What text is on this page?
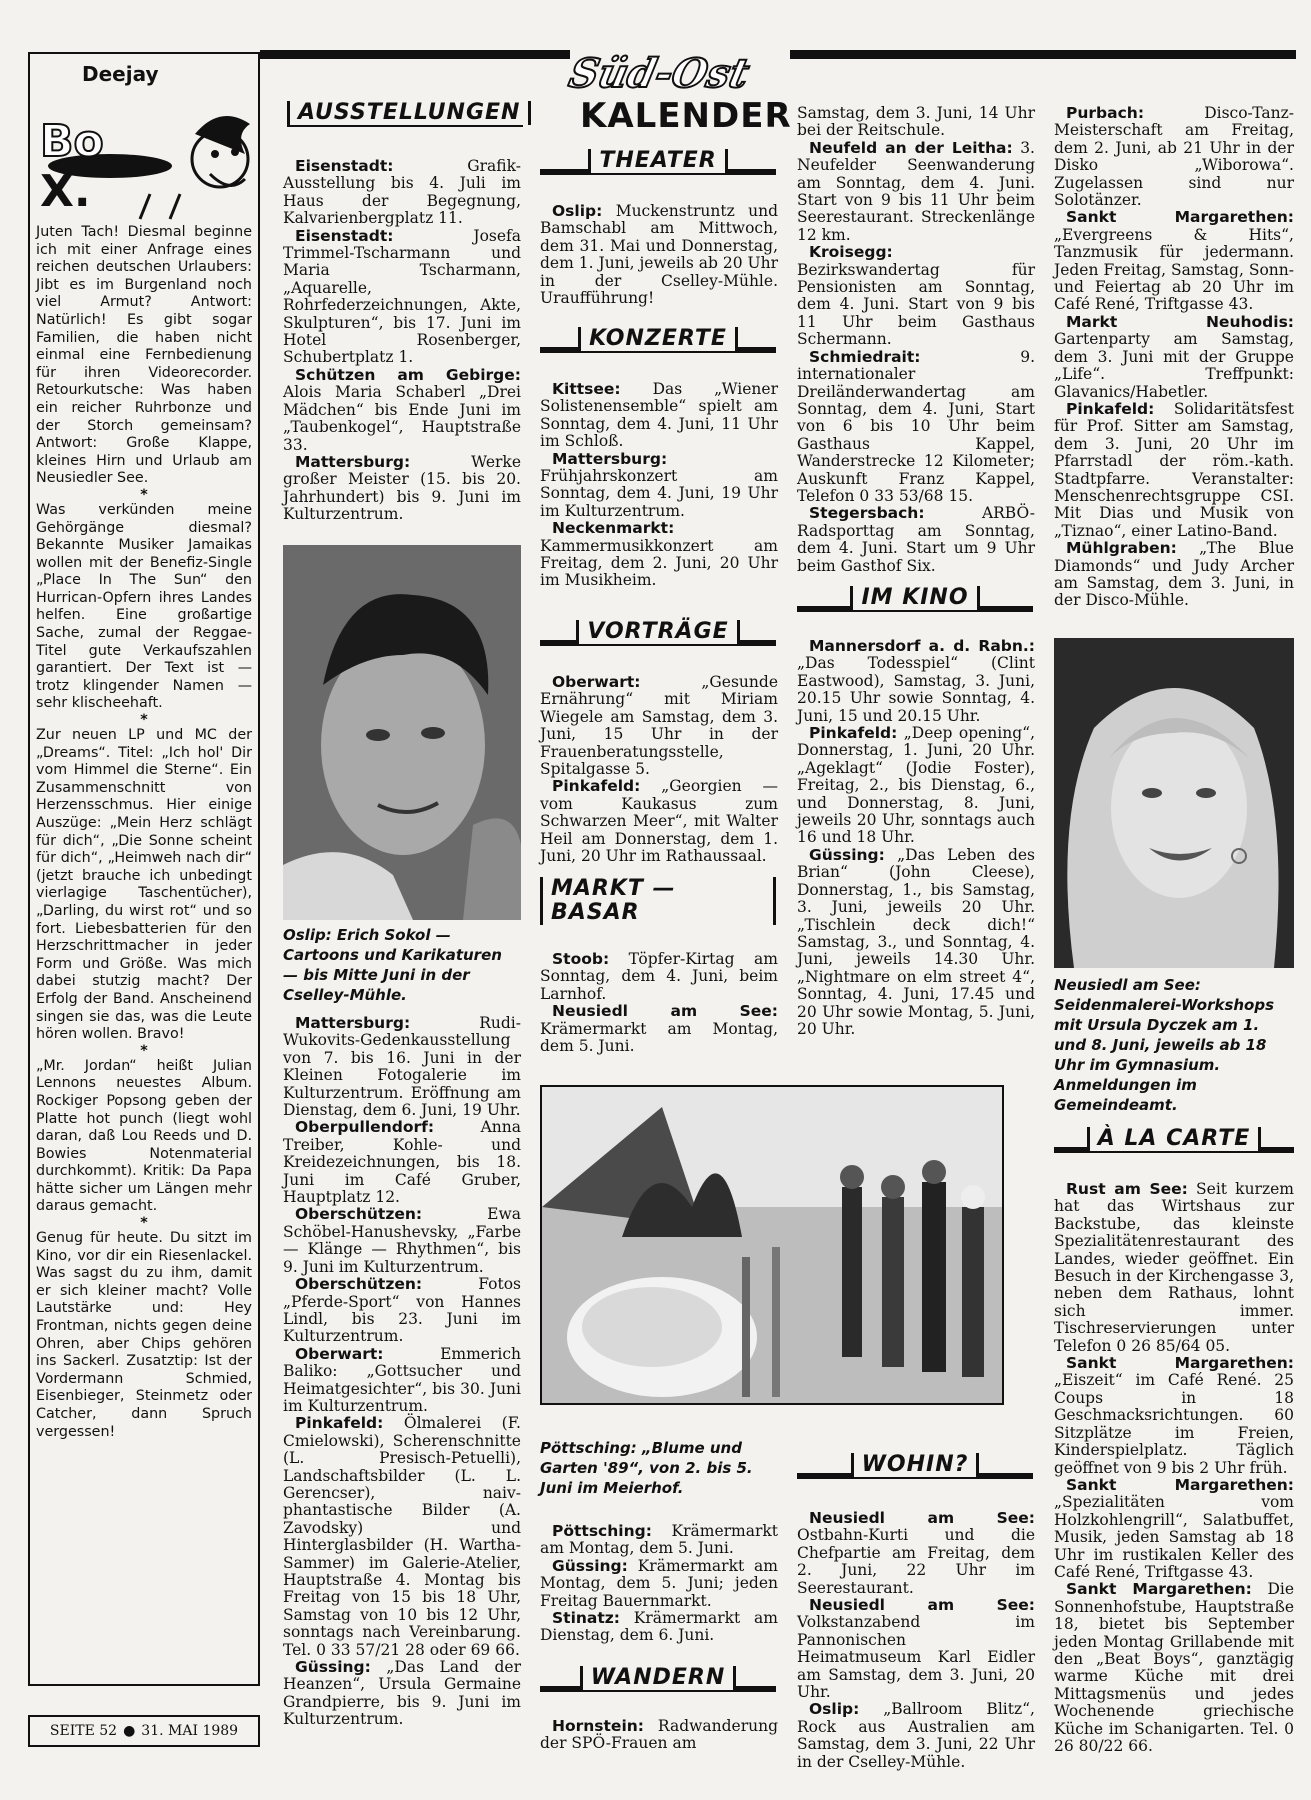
Süd-Ost
KALENDER
Deejay
Bo
X.

Juten Tach! Diesmal beginne ich mit einer Anfrage eines reichen deutschen Urlaubers: Jibt es im Burgenland noch viel Armut? Antwort: Natürlich! Es gibt sogar Familien, die haben nicht einmal eine Fernbedienung für ihren Videorecorder. Retourkutsche: Was haben ein reicher Ruhrbonze und der Storch gemeinsam? Antwort: Große Klappe, kleines Hirn und Urlaub am Neusiedler See.

*

Was verkünden meine Gehörgänge diesmal? Bekannte Musiker Jamaikas wollen mit der Benefiz-Single „Place In The Sun“ den Hurrican-Opfern ihres Landes helfen. Eine großartige Sache, zumal der Reggae-Titel gute Verkaufszahlen garantiert. Der Text ist — trotz klingender Namen — sehr klischeehaft.

*

Zur neuen LP und MC der „Dreams“. Titel: „Ich hol' Dir vom Himmel die Sterne“. Ein Zusammenschnitt von Herzensschmus. Hier einige Auszüge: „Mein Herz schlägt für dich“, „Die Sonne scheint für dich“, „Heimweh nach dir“ (jetzt brauche ich unbedingt vierlagige Taschentücher), „Darling, du wirst rot“ und so fort. Liebesbatterien für den Herzschrittmacher in jeder Form und Größe. Was mich dabei stutzig macht? Der Erfolg der Band. Anscheinend singen sie das, was die Leute hören wollen. Bravo!

*

„Mr. Jordan“ heißt Julian Lennons neuestes Album. Rockiger Popsong geben der Platte hot punch (liegt wohl daran, daß Lou Reeds und D. Bowies Notenmaterial durchkommt). Kritik: Da Papa hätte sicher um Längen mehr daraus gemacht.

*

Genug für heute. Du sitzt im Kino, vor dir ein Riesenlackel. Was sagst du zu ihm, damit er sich kleiner macht? Volle Lautstärke und: Hey Frontman, nichts gegen deine Ohren, aber Chips gehören ins Sackerl. Zusatztip: Ist der Vordermann Schmied, Eisenbieger, Steinmetz oder Catcher, dann Spruch vergessen!

SEITE 52 ● 31. MAI 1989
AUSSTELLUNGEN

Eisenstadt: Grafik-Ausstellung bis 4. Juli im Haus der Begegnung, Kalvarienbergplatz 11.

Eisenstadt: Josefa Trimmel-Tscharmann und Maria Tscharmann, „Aquarelle, Rohrfederzeichnungen, Akte, Skulpturen“, bis 17. Juni im Hotel Rosenberger, Schubertplatz 1.

Schützen am Gebirge: Alois Maria Schaberl „Drei Mädchen“ bis Ende Juni im „Taubenkogel“, Hauptstraße 33.

Mattersburg: Werke großer Meister (15. bis 20. Jahrhundert) bis 9. Juni im Kulturzentrum.

Oslip: Erich Sokol — Cartoons und Karikaturen — bis Mitte Juni in der Cselley-Mühle.

Mattersburg: Rudi-Wukovits-Gedenkausstellung von 7. bis 16. Juni in der Kleinen Fotogalerie im Kulturzentrum. Eröffnung am Dienstag, dem 6. Juni, 19 Uhr.

Oberpullendorf: Anna Treiber, Kohle- und Kreidezeichnungen, bis 18. Juni im Café Gruber, Hauptplatz 12.

Oberschützen: Ewa Schöbel-Hanushevsky, „Farbe — Klänge — Rhythmen“, bis 9. Juni im Kulturzentrum.

Oberschützen: Fotos „Pferde-Sport“ von Hannes Lindl, bis 23. Juni im Kulturzentrum.

Oberwart: Emmerich Baliko: „Gottsucher und Heimatgesichter“, bis 30. Juni im Kulturzentrum.

Pinkafeld: Ölmalerei (F. Cmielowski), Scherenschnitte (L. Presisch-Petuelli), Landschaftsbilder (L. L. Gerencser), naiv-phantastische Bilder (A. Zavodsky) und Hinterglasbilder (H. Wartha-Sammer) im Galerie-Atelier, Hauptstraße 4. Montag bis Freitag von 15 bis 18 Uhr, Samstag von 10 bis 12 Uhr, sonntags nach Vereinbarung. Tel. 0 33 57/21 28 oder 69 66.

Güssing: „Das Land der Heanzen“, Ursula Germaine Grandpierre, bis 9. Juni im Kulturzentrum.

THEATER

Oslip: Muckenstruntz und Bamschabl am Mittwoch, dem 31. Mai und Donnerstag, dem 1. Juni, jeweils ab 20 Uhr in der Cselley-Mühle. Uraufführung!

KONZERTE

Kittsee: Das „Wiener Solistenensemble“ spielt am Sonntag, dem 4. Juni, 11 Uhr im Schloß.

Mattersburg: Frühjahrskonzert am Sonntag, dem 4. Juni, 19 Uhr im Kulturzentrum.

Neckenmarkt: Kammermusikkonzert am Freitag, dem 2. Juni, 20 Uhr im Musikheim.

VORTRÄGE

Oberwart: „Gesunde Ernährung“ mit Miriam Wiegele am Samstag, dem 3. Juni, 15 Uhr in der Frauenberatungsstelle, Spitalgasse 5.

Pinkafeld: „Georgien — vom Kaukasus zum Schwarzen Meer“, mit Walter Heil am Donnerstag, dem 1. Juni, 20 Uhr im Rathaussaal.

MARKT — BASAR

Stoob: Töpfer-Kirtag am Sonntag, dem 4. Juni, beim Larnhof.

Neusiedl am See: Krämermarkt am Montag, dem 5. Juni.

Pöttsching: „Blume und Garten '89“, von 2. bis 5. Juni im Meierhof.

Pöttsching: Krämermarkt am Montag, dem 5. Juni.

Güssing: Krämermarkt am Montag, dem 5. Juni; jeden Freitag Bauernmarkt.

Stinatz: Krämermarkt am Dienstag, dem 6. Juni.

WANDERN

Hornstein: Radwanderung der SPÖ-Frauen am

Samstag, dem 3. Juni, 14 Uhr bei der Reitschule.

Neufeld an der Leitha: 3. Neufelder Seenwanderung am Sonntag, dem 4. Juni. Start von 9 bis 11 Uhr beim Seerestaurant. Streckenlänge 12 km.

Kroisegg: Bezirkswandertag für Pensionisten am Sonntag, dem 4. Juni. Start von 9 bis 11 Uhr beim Gasthaus Schermann.

Schmiedrait: 9. internationaler Dreiländerwandertag am Sonntag, dem 4. Juni, Start von 6 bis 10 Uhr beim Gasthaus Kappel, Wanderstrecke 12 Kilometer; Auskunft Franz Kappel, Telefon 0 33 53/68 15.

Stegersbach: ARBÖ-Radsporttag am Sonntag, dem 4. Juni. Start um 9 Uhr beim Gasthof Six.

IM KINO

Mannersdorf a. d. Rabn.: „Das Todesspiel“ (Clint Eastwood), Samstag, 3. Juni, 20.15 Uhr sowie Sonntag, 4. Juni, 15 und 20.15 Uhr.

Pinkafeld: „Deep opening“, Donnerstag, 1. Juni, 20 Uhr. „Ageklagt“ (Jodie Foster), Freitag, 2., bis Dienstag, 6., und Donnerstag, 8. Juni, jeweils 20 Uhr, sonntags auch 16 und 18 Uhr.

Güssing: „Das Leben des Brian“ (John Cleese), Donnerstag, 1., bis Samstag, 3. Juni, jeweils 20 Uhr. „Tischlein deck dich!“ Samstag, 3., und Sonntag, 4. Juni, jeweils 14.30 Uhr. „Nightmare on elm street 4“, Sonntag, 4. Juni, 17.45 und 20 Uhr sowie Montag, 5. Juni, 20 Uhr.

WOHIN?

Neusiedl am See: Ostbahn-Kurti und die Chefpartie am Freitag, dem 2. Juni, 22 Uhr im Seerestaurant.

Neusiedl am See: Volkstanzabend im Pannonischen Heimatmuseum Karl Eidler am Samstag, dem 3. Juni, 20 Uhr.

Oslip: „Ballroom Blitz“, Rock aus Australien am Samstag, dem 3. Juni, 22 Uhr in der Cselley-Mühle.

Purbach: Disco-Tanz-Meisterschaft am Freitag, dem 2. Juni, ab 21 Uhr in der Disko „Wiborowa“. Zugelassen sind nur Solotänzer.

Sankt Margarethen: „Evergreens & Hits“, Tanzmusik für jedermann. Jeden Freitag, Samstag, Sonn- und Feiertag ab 20 Uhr im Café René, Triftgasse 43.

Markt Neuhodis: Gartenparty am Samstag, dem 3. Juni mit der Gruppe „Life“. Treffpunkt: Glavanics/Habetler.

Pinkafeld: Solidaritätsfest für Prof. Sitter am Samstag, dem 3. Juni, 20 Uhr im Pfarrstadl der röm.-kath. Stadtpfarre. Veranstalter: Menschenrechtsgruppe CSI. Mit Dias und Musik von „Tiznao“, einer Latino-Band.

Mühlgraben: „The Blue Diamonds“ und Judy Archer am Samstag, dem 3. Juni, in der Disco-Mühle.

Neusiedl am See: Seidenmalerei-Workshops mit Ursula Dyczek am 1. und 8. Juni, jeweils ab 18 Uhr im Gymnasium. Anmeldungen im Gemeindeamt.

À LA CARTE

Rust am See: Seit kurzem hat das Wirtshaus zur Backstube, das kleinste Spezialitätenrestaurant des Landes, wieder geöffnet. Ein Besuch in der Kirchengasse 3, neben dem Rathaus, lohnt sich immer. Tischreservierungen unter Telefon 0 26 85/64 05.

Sankt Margarethen: „Eiszeit“ im Café René. 25 Coups in 18 Geschmacksrichtungen. 60 Sitzplätze im Freien, Kinderspielplatz. Täglich geöffnet von 9 bis 2 Uhr früh.

Sankt Margarethen: „Spezialitäten vom Holzkohlengrill“, Salatbuffet, Musik, jeden Samstag ab 18 Uhr im rustikalen Keller des Café René, Triftgasse 43.

Sankt Margarethen: Die Sonnenhofstube, Hauptstraße 18, bietet bis September jeden Montag Grillabende mit den „Beat Boys“, ganztägig warme Küche mit drei Mittagsmenüs und jedes Wochenende griechische Küche im Schanigarten. Tel. 0 26 80/22 66.
